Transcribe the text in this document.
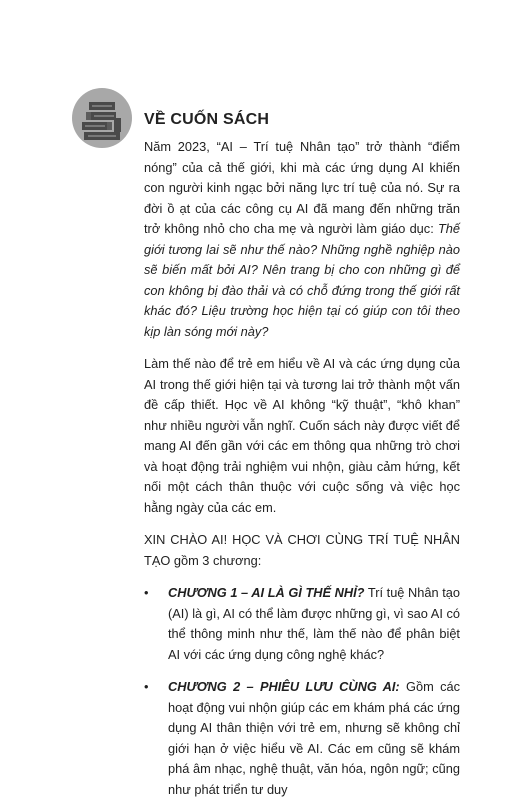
VỀ CUỐN SÁCH

Năm 2023, “AI – Trí tuệ Nhân tạo” trở thành “điểm nóng” của cả thế giới, khi mà các ứng dụng AI khiến con người kinh ngạc bởi năng lực trí tuệ của nó. Sự ra đời ồ ạt của các công cụ AI đã mang đến những trăn trở không nhỏ cho cha mẹ và người làm giáo dục: Thế giới tương lai sẽ như thế nào? Những nghề nghiệp nào sẽ biến mất bởi AI? Nên trang bị cho con những gì để con không bị đào thải và có chỗ đứng trong thế giới rất khác đó? Liệu trường học hiện tại có giúp con tôi theo kịp làn sóng mới này?

Làm thế nào để trẻ em hiểu về AI và các ứng dụng của AI trong thế giới hiện tại và tương lai trở thành một vấn đề cấp thiết. Học về AI không “kỹ thuật”, “khô khan” như nhiều người vẫn nghĩ. Cuốn sách này được viết để mang AI đến gần với các em thông qua những trò chơi và hoạt động trải nghiệm vui nhộn, giàu cảm hứng, kết nối một cách thân thuộc với cuộc sống và việc học hằng ngày của các em.

XIN CHÀO AI! HỌC VÀ CHƠI CÙNG TRÍ TUỆ NHÂN TẠO gồm 3 chương:

• CHƯƠNG 1 – AI LÀ GÌ THẾ NHỈ? Trí tuệ Nhân tạo (AI) là gì, AI có thể làm được những gì, vì sao AI có thể thông minh như thế, làm thế nào để phân biệt AI với các ứng dụng công nghệ khác?
• CHƯƠNG 2 – PHIÊU LƯU CÙNG AI: Gồm các hoạt động vui nhộn giúp các em khám phá các ứng dụng AI thân thiện với trẻ em, nhưng sẽ không chỉ giới hạn ở việc hiểu về AI. Các em cũng sẽ khám phá âm nhạc, nghệ thuật, văn hóa, ngôn ngữ; cũng như phát triển tư duy
